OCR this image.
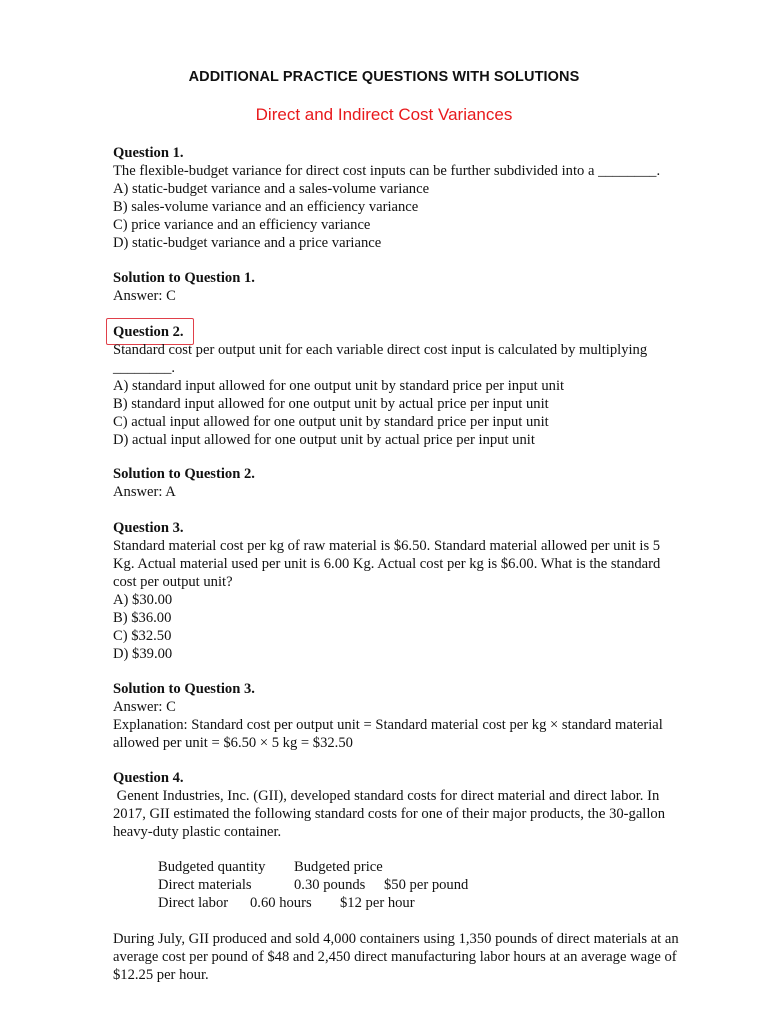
ADDITIONAL PRACTICE QUESTIONS WITH SOLUTIONS
Direct and Indirect Cost Variances
Question 1.
The flexible-budget variance for direct cost inputs can be further subdivided into a ________.
A) static-budget variance and a sales-volume variance
B) sales-volume variance and an efficiency variance
C) price variance and an efficiency variance
D) static-budget variance and a price variance
Solution to Question 1.
Answer: C
Question 2.
Standard cost per output unit for each variable direct cost input is calculated by multiplying
________.
A) standard input allowed for one output unit by standard price per input unit
B) standard input allowed for one output unit by actual price per input unit
C) actual input allowed for one output unit by standard price per input unit
D) actual input allowed for one output unit by actual price per input unit
Solution to Question 2.
Answer: A
Question 3.
Standard material cost per kg of raw material is $6.50. Standard material allowed per unit is 5
Kg. Actual material used per unit is 6.00 Kg. Actual cost per kg is $6.00. What is the standard
cost per output unit?
A) $30.00
B) $36.00
C) $32.50
D) $39.00
Solution to Question 3.
Answer: C
Explanation: Standard cost per output unit = Standard material cost per kg × standard material
allowed per unit = $6.50 × 5 kg = $32.50
Question 4.
Genent Industries, Inc. (GII), developed standard costs for direct material and direct labor. In
2017, GII estimated the following standard costs for one of their major products, the 30-gallon
heavy-duty plastic container.
Budgeted quantity Budgeted price
Direct materials	0.30 pounds $50 per pound
Direct labor 0.60 hours $12 per hour
During July, GII produced and sold 4,000 containers using 1,350 pounds of direct materials at an
average cost per pound of $48 and 2,450 direct manufacturing labor hours at an average wage of
$12.25 per hour.
